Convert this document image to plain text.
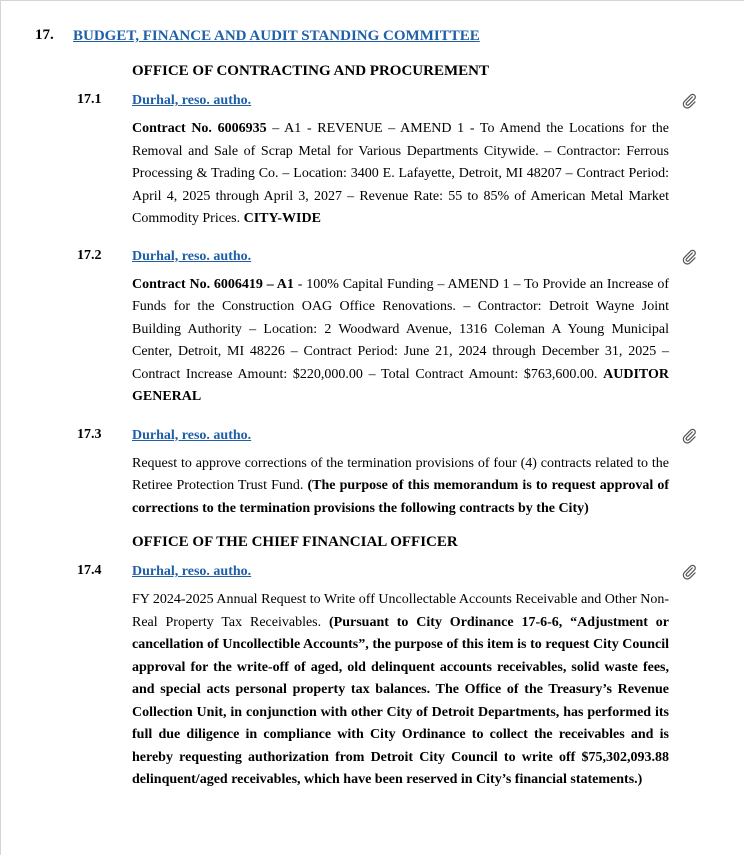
17. BUDGET, FINANCE AND AUDIT STANDING COMMITTEE
OFFICE OF CONTRACTING AND PROCUREMENT
17.1 Durhal, reso. autho.
Contract No. 6006935 – A1 - REVENUE – AMEND 1 - To Amend the Locations for the Removal and Sale of Scrap Metal for Various Departments Citywide. – Contractor: Ferrous Processing & Trading Co. – Location: 3400 E. Lafayette, Detroit, MI 48207 – Contract Period: April 4, 2025 through April 3, 2027 – Revenue Rate: 55 to 85% of American Metal Market Commodity Prices. CITY-WIDE
17.2 Durhal, reso. autho.
Contract No. 6006419 – A1 - 100% Capital Funding – AMEND 1 – To Provide an Increase of Funds for the Construction OAG Office Renovations. – Contractor: Detroit Wayne Joint Building Authority – Location: 2 Woodward Avenue, 1316 Coleman A Young Municipal Center, Detroit, MI 48226 – Contract Period: June 21, 2024 through December 31, 2025 – Contract Increase Amount: $220,000.00 – Total Contract Amount: $763,600.00. AUDITOR GENERAL
17.3 Durhal, reso. autho.
Request to approve corrections of the termination provisions of four (4) contracts related to the Retiree Protection Trust Fund. (The purpose of this memorandum is to request approval of corrections to the termination provisions the following contracts by the City)
OFFICE OF THE CHIEF FINANCIAL OFFICER
17.4 Durhal, reso. autho.
FY 2024-2025 Annual Request to Write off Uncollectable Accounts Receivable and Other Non-Real Property Tax Receivables. (Pursuant to City Ordinance 17-6-6, “Adjustment or cancellation of Uncollectible Accounts”, the purpose of this item is to request City Council approval for the write-off of aged, old delinquent accounts receivables, solid waste fees, and special acts personal property tax balances. The Office of the Treasury’s Revenue Collection Unit, in conjunction with other City of Detroit Departments, has performed its full due diligence in compliance with City Ordinance to collect the receivables and is hereby requesting authorization from Detroit City Council to write off $75,302,093.88 delinquent/aged receivables, which have been reserved in City’s financial statements.)
